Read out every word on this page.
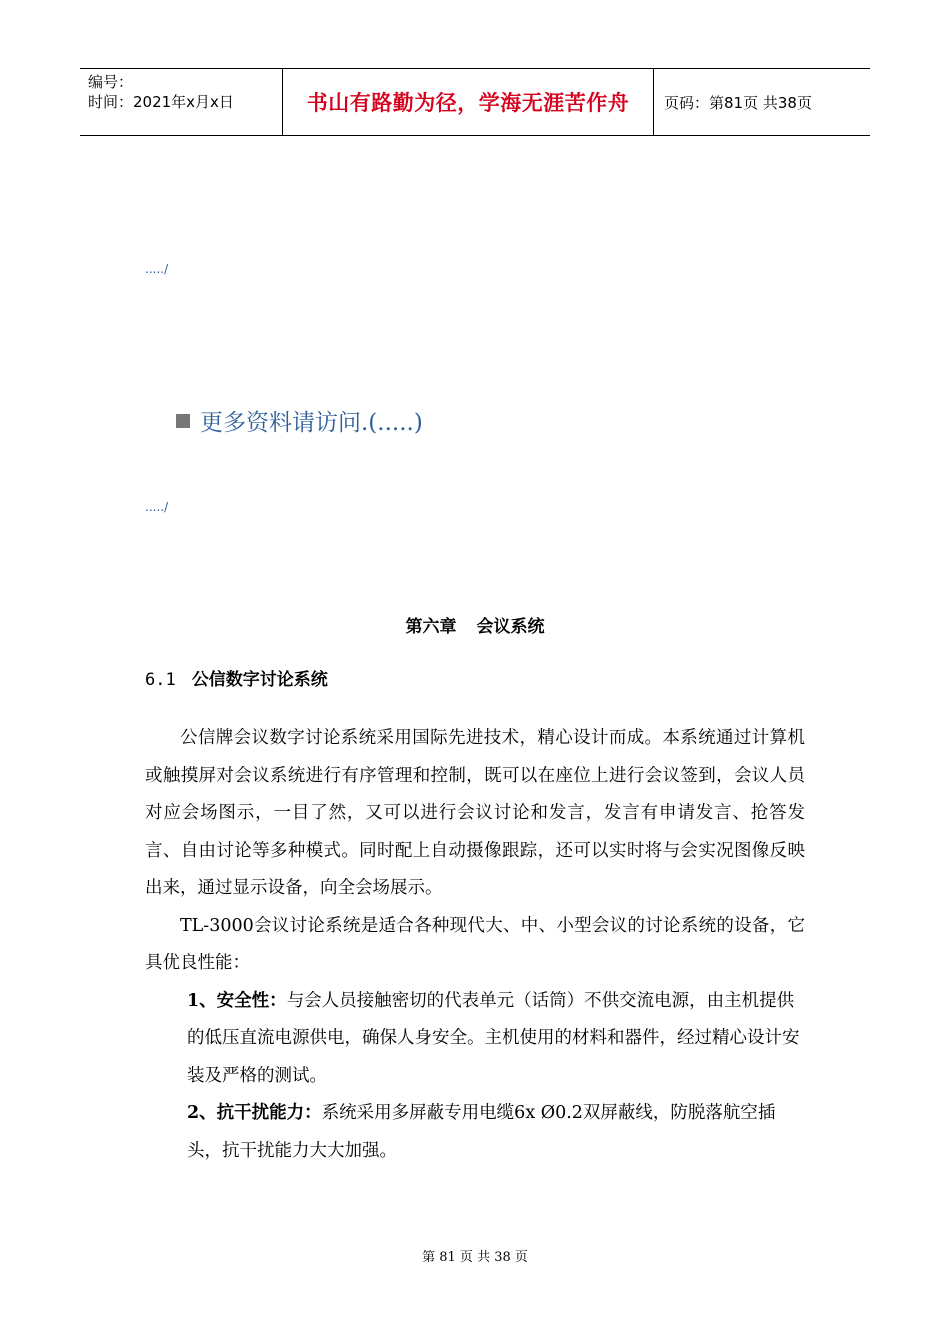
编号：
时间：2021年x月x日	书山有路勤为径，学海无涯苦作舟 页码：第81页 共38页
...../
更多资料请访问.(.....)
...../
第六章 会议系统
6.1 公信数字讨论系统

公信牌会议数字讨论系统采用国际先进技术，精心设计而成。本系统通过计算机或触摸屏对会议系统进行有序管理和控制，既可以在座位上进行会议签到，会议人员对应会场图示，一目了然，又可以进行会议讨论和发言，发言有申请发言、抢答发言、自由讨论等多种模式。同时配上自动摄像跟踪，还可以实时将与会实况图像反映出来，通过显示设备，向全会场展示。

TL-3000会议讨论系统是适合各种现代大、中、小型会议的讨论系统的设备，它具优良性能：

1、安全性：与会人员接触密切的代表单元（话筒）不供交流电源，由主机提供的低压直流电源供电，确保人身安全。主机使用的材料和器件，经过精心设计安装及严格的测试。

2、抗干扰能力：系统采用多屏蔽专用电缆6x Ø0.2双屏蔽线，防脱落航空插头，抗干扰能力大大加强。

第 81 页 共 38 页
